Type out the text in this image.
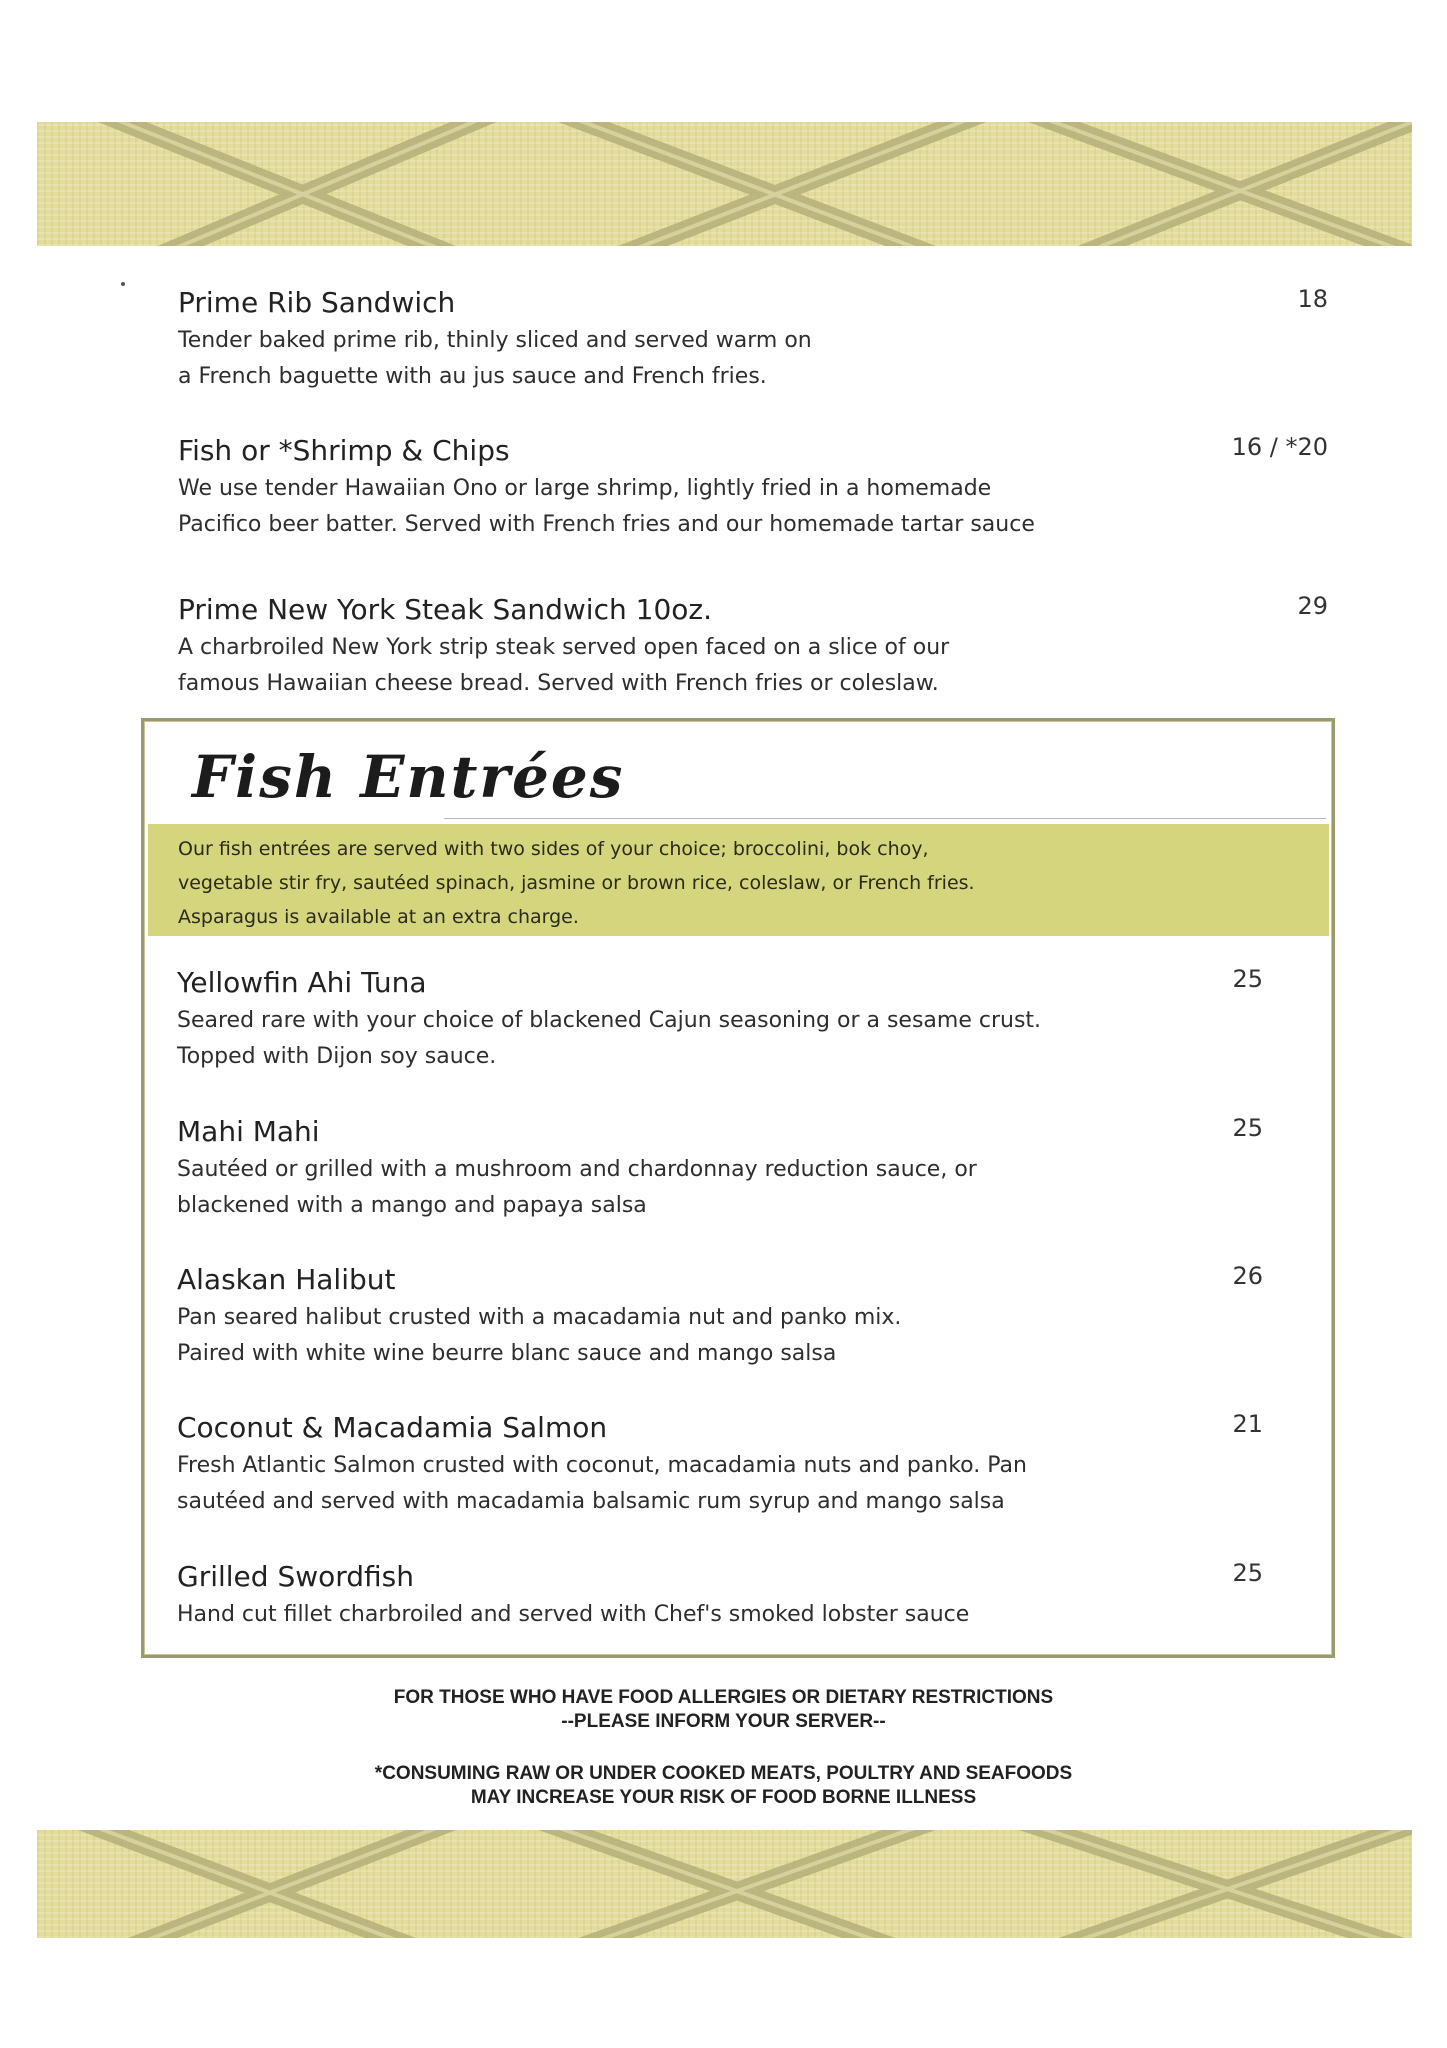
Prime Rib Sandwich	18
Tender baked prime rib, thinly sliced and served warm on
a French baguette with au jus sauce and French fries.
Fish or *Shrimp & Chips	16 / *20
We use tender Hawaiian Ono or large shrimp, lightly fried in a homemade
Pacifico beer batter. Served with French fries and our homemade tartar sauce
Prime New York Steak Sandwich 10oz.	29
A charbroiled New York strip steak served open faced on a slice of our
famous Hawaiian cheese bread. Served with French fries or coleslaw.
Fish Entrées
Our fish entrées are served with two sides of your choice; broccolini, bok choy,
vegetable stir fry, sautéed spinach, jasmine or brown rice, coleslaw, or French fries.
Asparagus is available at an extra charge.
Yellowfin Ahi Tuna	25
Seared rare with your choice of blackened Cajun seasoning or a sesame crust.
Topped with Dijon soy sauce.
Mahi Mahi	25
Sautéed or grilled with a mushroom and chardonnay reduction sauce, or
blackened with a mango and papaya salsa
Alaskan Halibut	26
Pan seared halibut crusted with a macadamia nut and panko mix.
Paired with white wine beurre blanc sauce and mango salsa
Coconut & Macadamia Salmon	21
Fresh Atlantic Salmon crusted with coconut, macadamia nuts and panko. Pan
sautéed and served with macadamia balsamic rum syrup and mango salsa
Grilled Swordfish	25
Hand cut fillet charbroiled and served with Chef's smoked lobster sauce
FOR THOSE WHO HAVE FOOD ALLERGIES OR DIETARY RESTRICTIONS
--PLEASE INFORM YOUR SERVER--
*CONSUMING RAW OR UNDER COOKED MEATS, POULTRY AND SEAFOODS
MAY INCREASE YOUR RISK OF FOOD BORNE ILLNESS
